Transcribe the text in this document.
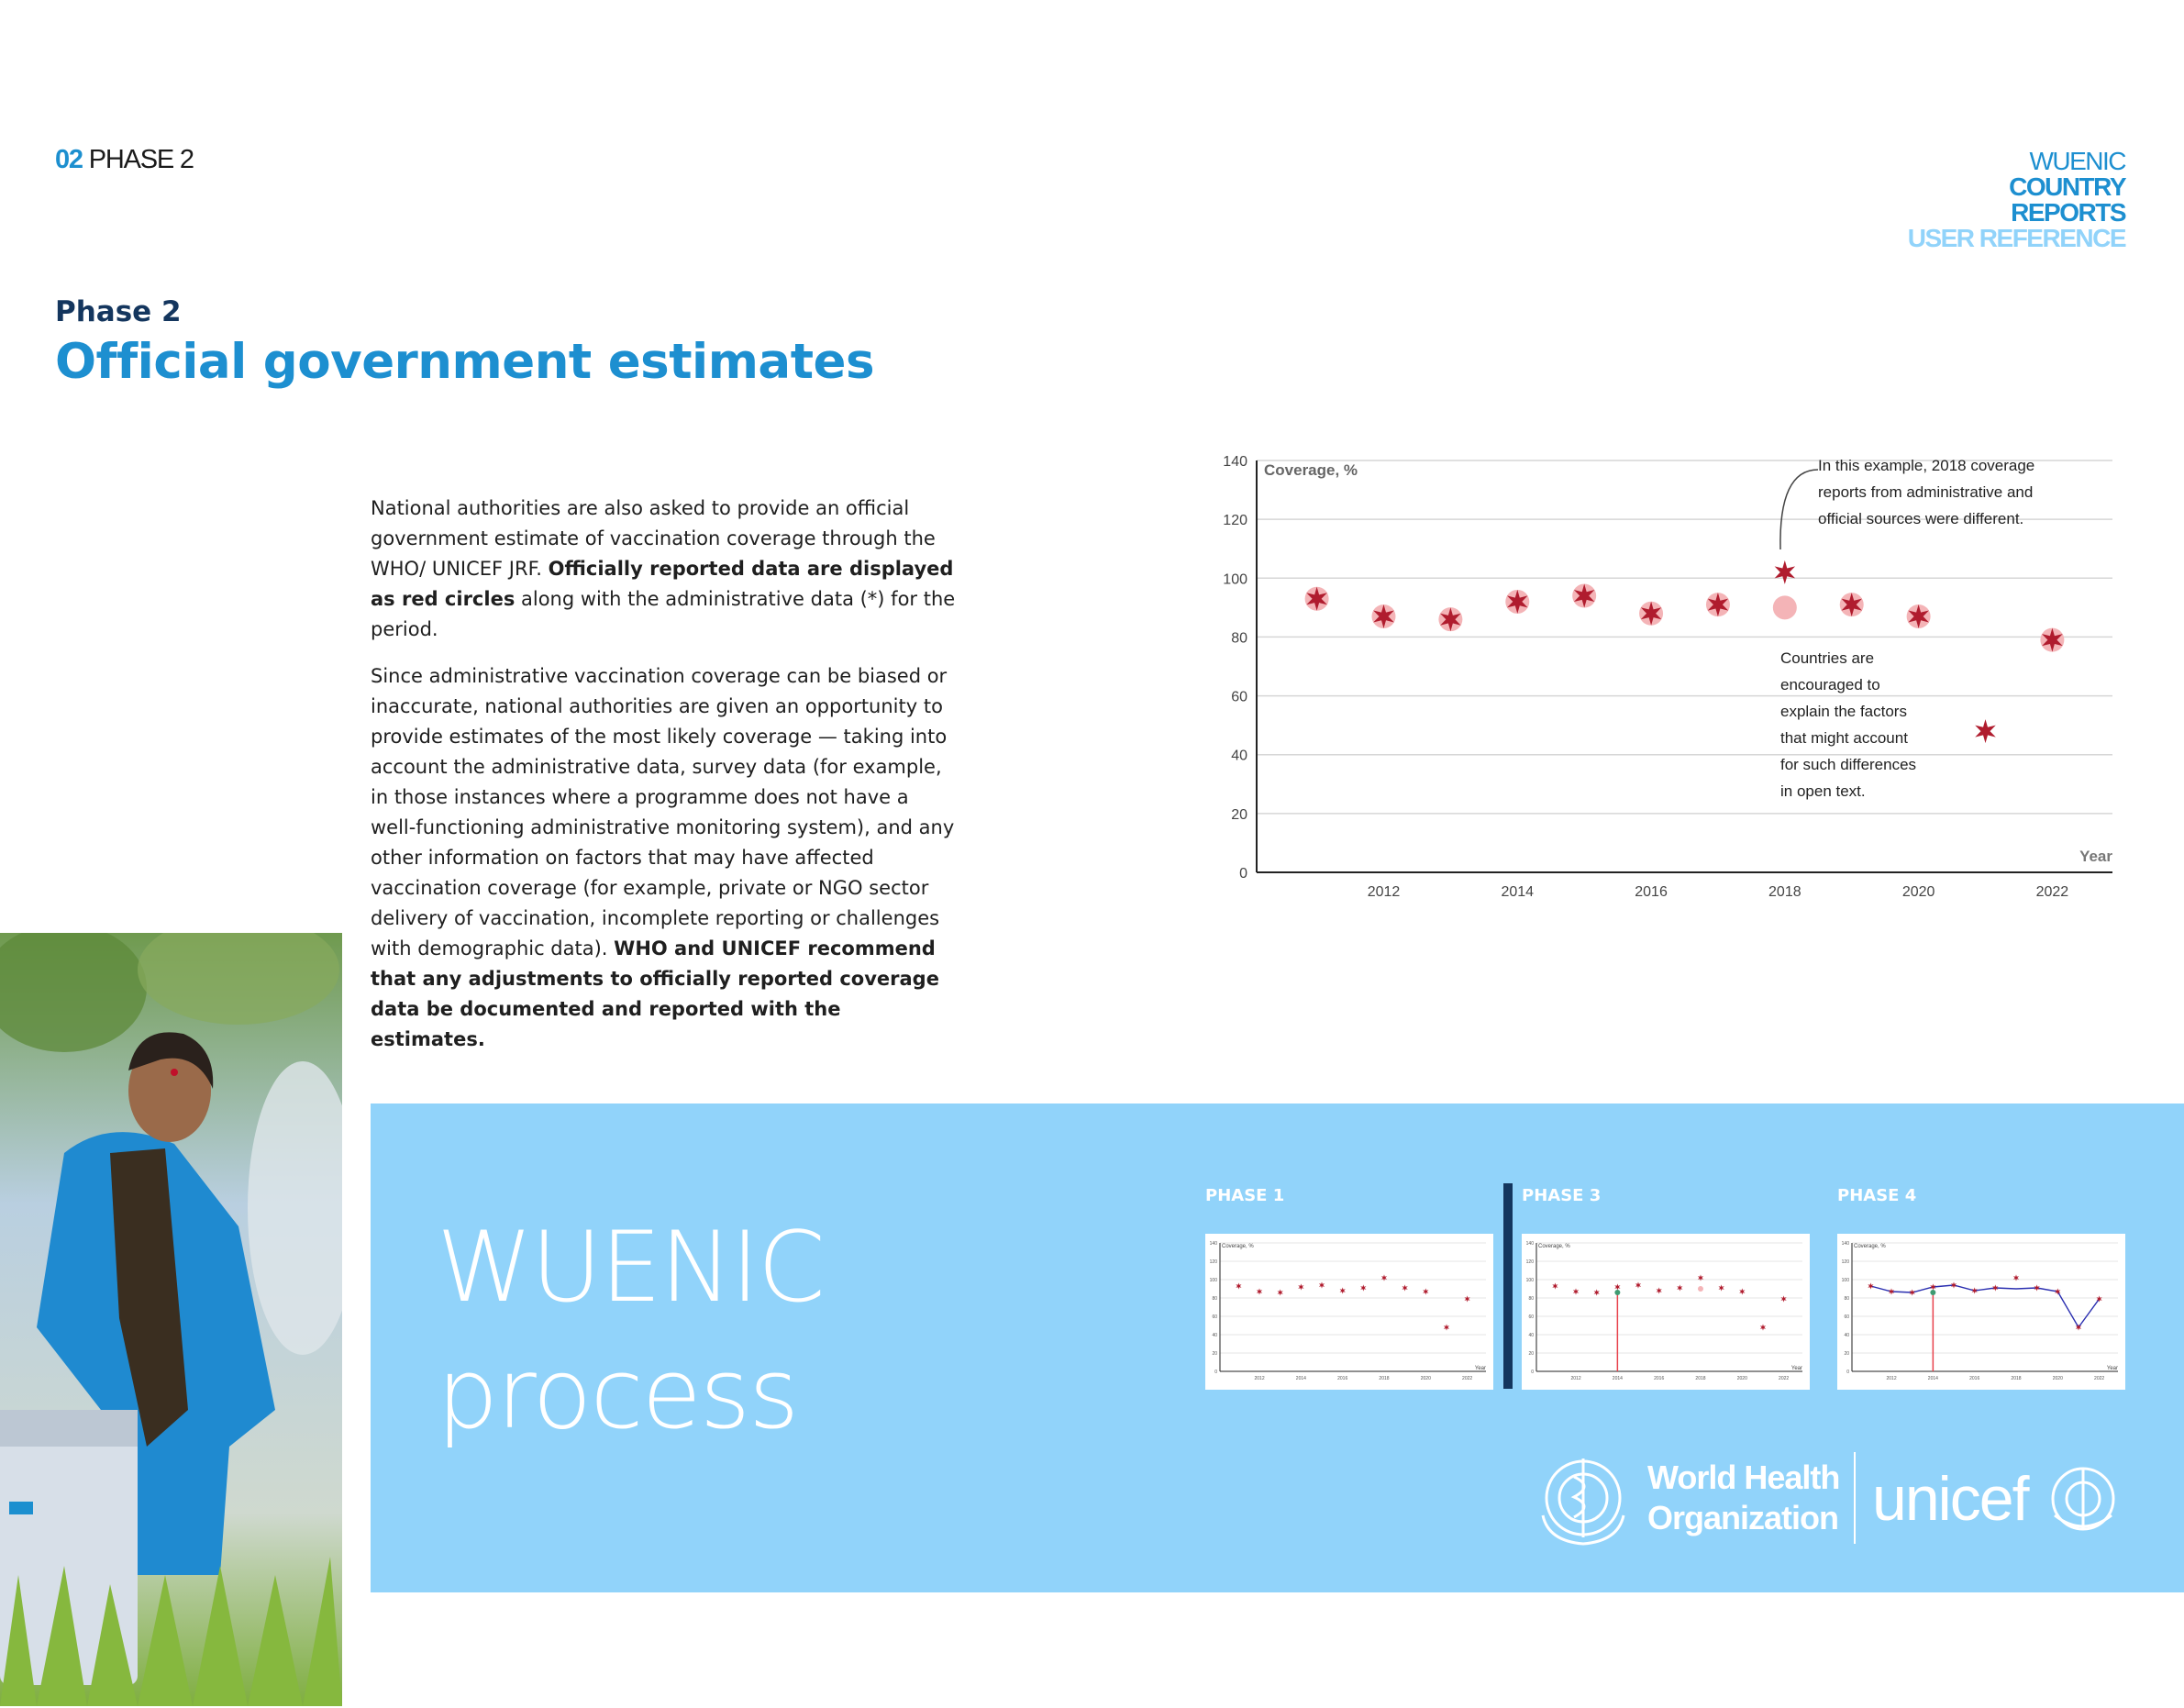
02 PHASE 2	WUENIC
COUNTRY
REPORTS
USER REFERENCE
Phase 2
Official government estimates

National authorities are also asked to provide an official government estimate of vaccination coverage through the WHO/ UNICEF JRF. Officially reported data are displayed as red circles along with the administrative data (*) for the period.

Since administrative vaccination coverage can be biased or inaccurate, national authorities are given an opportunity to provide estimates of the most likely coverage — taking into account the administrative data, survey data (for example, in those instances where a programme does not have a well-functioning administrative monitoring system), and any other information on factors that may have affected vaccination coverage (for example, private or NGO sector delivery of vaccination, incomplete reporting or challenges with demographic data). WHO and UNICEF recommend that any adjustments to officially reported coverage data be documented and reported with the estimates.

0
20
40
60
80
100
120
140
2012	2014	2016	2018	2020	2022
Coverage, %
Year
In this example, 2018 coverage
reports from administrative and
official sources were different.
Countries are
encouraged to
explain the factors
that might account
for such differences
in open text.
WUENIC
process
PHASE 1	PHASE 3	PHASE 4
0
20
40
60
80
100
120
140
2012	2014	2016	2018	2020	2022
Coverage, %
Year
0
20
40
60
80
100
120
140
2012	2014	2016	2018	2020	2022
Coverage, %
Year
0
20
40
60
80
100
120
140
2012	2014	2016	2018	2020	2022
Coverage, %
Year
World Health
Organization unicef
